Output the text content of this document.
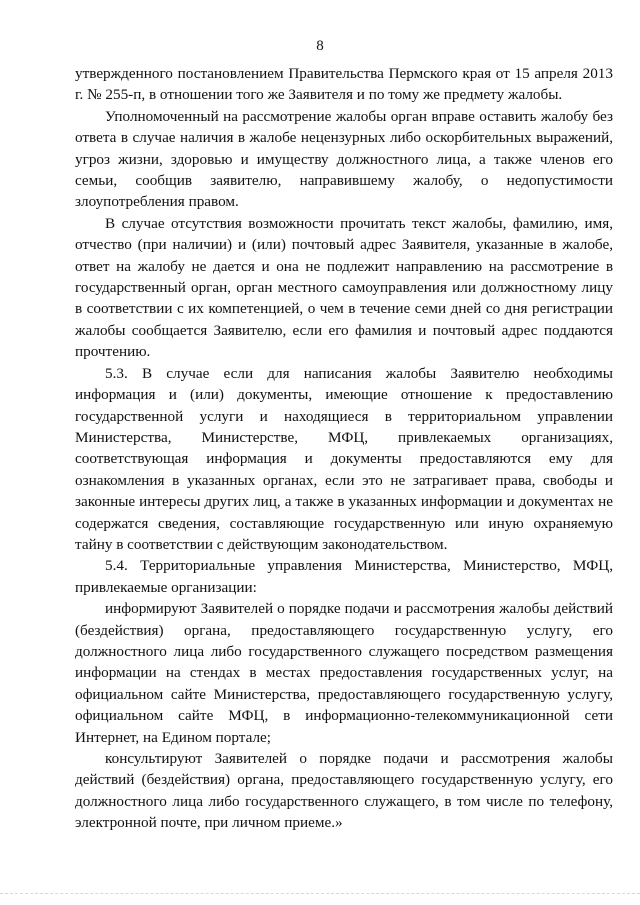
8

утвержденного постановлением Правительства Пермского края от 15 апреля 2013 г. № 255-п, в отношении того же Заявителя и по тому же предмету жалобы.

Уполномоченный на рассмотрение жалобы орган вправе оставить жалобу без ответа в случае наличия в жалобе нецензурных либо оскорбительных выражений, угроз жизни, здоровью и имуществу должностного лица, а также членов его семьи, сообщив заявителю, направившему жалобу, о недопустимости злоупотребления правом.

В случае отсутствия возможности прочитать текст жалобы, фамилию, имя, отчество (при наличии) и (или) почтовый адрес Заявителя, указанные в жалобе, ответ на жалобу не дается и она не подлежит направлению на рассмотрение в государственный орган, орган местного самоуправления или должностному лицу в соответствии с их компетенцией, о чем в течение семи дней со дня регистрации жалобы сообщается Заявителю, если его фамилия и почтовый адрес поддаются прочтению.

5.3. В случае если для написания жалобы Заявителю необходимы информация и (или) документы, имеющие отношение к предоставлению государственной услуги и находящиеся в территориальном управлении Министерства, Министерстве, МФЦ, привлекаемых организациях, соответствующая информация и документы предоставляются ему для ознакомления в указанных органах, если это не затрагивает права, свободы и законные интересы других лиц, а также в указанных информации и документах не содержатся сведения, составляющие государственную или иную охраняемую тайну в соответствии с действующим законодательством.

5.4. Территориальные управления Министерства, Министерство, МФЦ, привлекаемые организации:

информируют Заявителей о порядке подачи и рассмотрения жалобы действий (бездействия) органа, предоставляющего государственную услугу, его должностного лица либо государственного служащего посредством размещения информации на стендах в местах предоставления государственных услуг, на официальном сайте Министерства, предоставляющего государственную услугу, официальном сайте МФЦ, в информационно-телекоммуникационной сети Интернет, на Едином портале;

консультируют Заявителей о порядке подачи и рассмотрения жалобы действий (бездействия) органа, предоставляющего государственную услугу, его должностного лица либо государственного служащего, в том числе по телефону, электронной почте, при личном приеме.»
